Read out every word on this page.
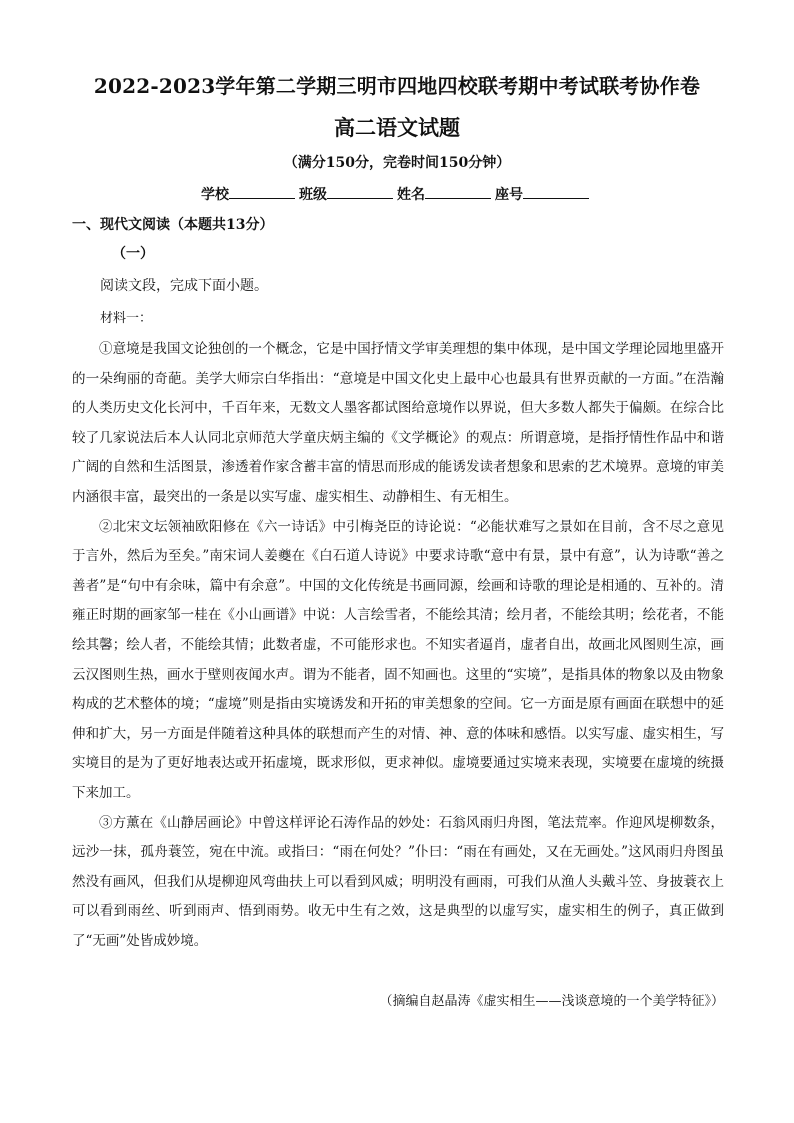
2022-2023学年第二学期三明市四地四校联考期中考试联考协作卷
高二语文试题
（满分150分，完卷时间150分钟）
学校	班级	姓名	座号
一、现代文阅读（本题共13分）
（一）
阅读文段，完成下面小题。
材料一：

①意境是我国文论独创的一个概念，它是中国抒情文学审美理想的集中体现，是中国文学理论园地里盛开的一朵绚丽的奇葩。美学大师宗白华指出：“意境是中国文化史上最中心也最具有世界贡献的一方面。”在浩瀚的人类历史文化长河中，千百年来，无数文人墨客都试图给意境作以界说，但大多数人都失于偏颇。在综合比较了几家说法后本人认同北京师范大学童庆炳主编的《文学概论》的观点：所谓意境，是指抒情性作品中和谐广阔的自然和生活图景，渗透着作家含蓄丰富的情思而形成的能诱发读者想象和思索的艺术境界。意境的审美内涵很丰富，最突出的一条是以实写虚、虚实相生、动静相生、有无相生。

②北宋文坛领袖欧阳修在《六一诗话》中引梅尧臣的诗论说：“必能状难写之景如在目前，含不尽之意见于言外，然后为至矣。”南宋词人姜夔在《白石道人诗说》中要求诗歌“意中有景，景中有意”，认为诗歌“善之善者”是“句中有余味，篇中有余意”。中国的文化传统是书画同源，绘画和诗歌的理论是相通的、互补的。清雍正时期的画家邹一桂在《小山画谱》中说：人言绘雪者，不能绘其清；绘月者，不能绘其明；绘花者，不能绘其馨；绘人者，不能绘其情；此数者虚，不可能形求也。不知实者逼肖，虚者自出，故画北风图则生凉，画云汉图则生热，画水于壁则夜闻水声。谓为不能者，固不知画也。这里的“实境”，是指具体的物象以及由物象构成的艺术整体的境；“虚境”则是指由实境诱发和开拓的审美想象的空间。它一方面是原有画面在联想中的延伸和扩大，另一方面是伴随着这种具体的联想而产生的对情、神、意的体味和感悟。以实写虚、虚实相生，写实境目的是为了更好地表达或开拓虚境，既求形似，更求神似。虚境要通过实境来表现，实境要在虚境的统摄下来加工。

③方薰在《山静居画论》中曾这样评论石涛作品的妙处：石翁风雨归舟图，笔法荒率。作迎风堤柳数条，远沙一抹，孤舟蓑笠，宛在中流。或指曰：“雨在何处？”仆曰：“雨在有画处，又在无画处。”这风雨归舟图虽然没有画风，但我们从堤柳迎风弯曲扶上可以看到风威；明明没有画雨，可我们从渔人头戴斗笠、身披蓑衣上可以看到雨丝、听到雨声、悟到雨势。收无中生有之效，这是典型的以虚写实，虚实相生的例子，真正做到了“无画”处皆成妙境。

（摘编自赵晶涛《虚实相生——浅谈意境的一个美学特征》）
